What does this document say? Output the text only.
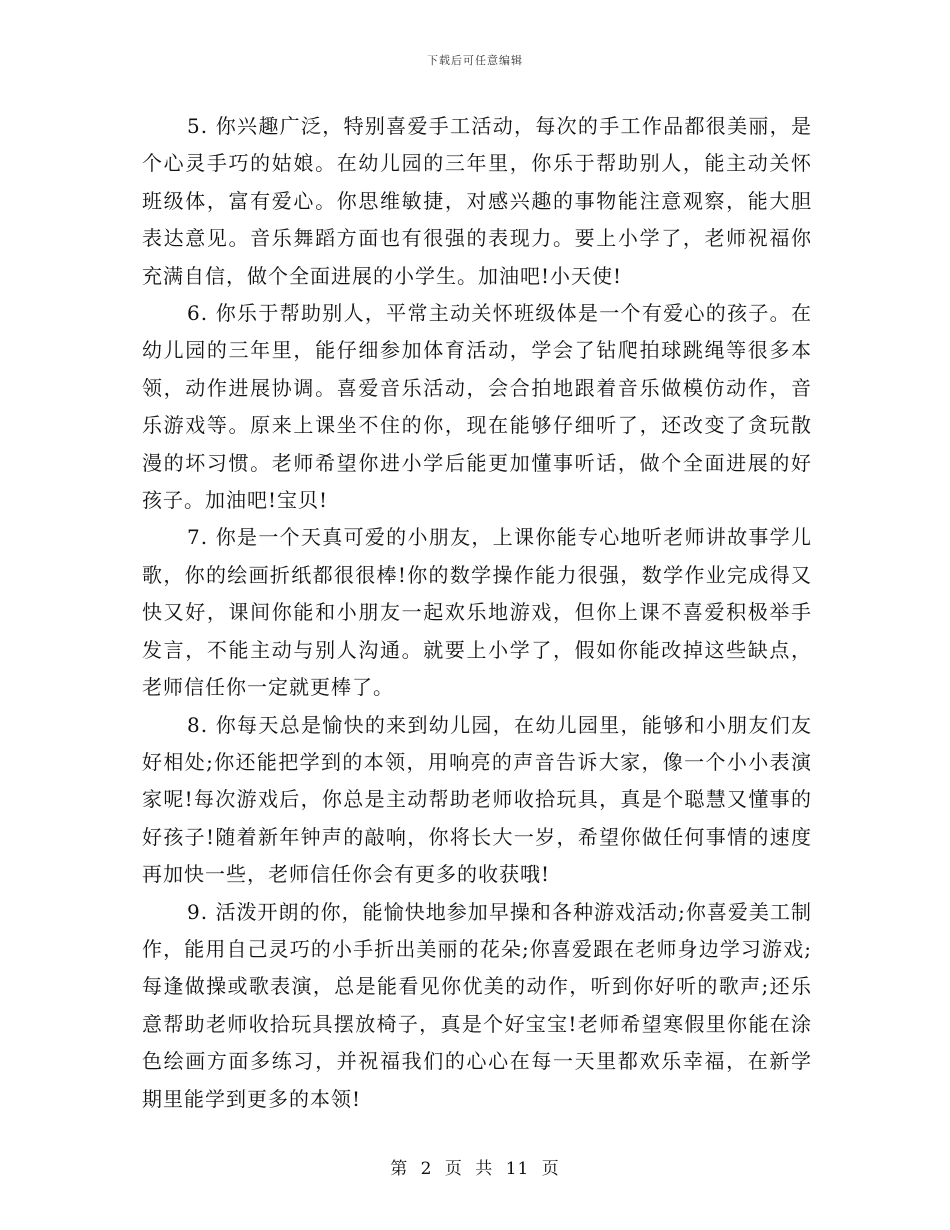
下载后可任意编辑

5. 你兴趣广泛，特别喜爱手工活动，每次的手工作品都很美丽，是个心灵手巧的姑娘。在幼儿园的三年里，你乐于帮助别人，能主动关怀班级体，富有爱心。你思维敏捷，对感兴趣的事物能注意观察，能大胆表达意见。音乐舞蹈方面也有很强的表现力。要上小学了，老师祝福你充满自信，做个全面进展的小学生。加油吧!小天使!

6. 你乐于帮助别人，平常主动关怀班级体是一个有爱心的孩子。在幼儿园的三年里，能仔细参加体育活动，学会了钻爬拍球跳绳等很多本领，动作进展协调。喜爱音乐活动，会合拍地跟着音乐做模仿动作，音乐游戏等。原来上课坐不住的你，现在能够仔细听了，还改变了贪玩散漫的坏习惯。老师希望你进小学后能更加懂事听话，做个全面进展的好孩子。加油吧!宝贝!

7. 你是一个天真可爱的小朋友，上课你能专心地听老师讲故事学儿歌，你的绘画折纸都很很棒!你的数学操作能力很强，数学作业完成得又快又好，课间你能和小朋友一起欢乐地游戏，但你上课不喜爱积极举手发言，不能主动与别人沟通。就要上小学了，假如你能改掉这些缺点，老师信任你一定就更棒了。

8. 你每天总是愉快的来到幼儿园，在幼儿园里，能够和小朋友们友好相处;你还能把学到的本领，用响亮的声音告诉大家，像一个小小表演家呢!每次游戏后，你总是主动帮助老师收拾玩具，真是个聪慧又懂事的好孩子!随着新年钟声的敲响，你将长大一岁，希望你做任何事情的速度再加快一些，老师信任你会有更多的收获哦!

9. 活泼开朗的你，能愉快地参加早操和各种游戏活动;你喜爱美工制作，能用自己灵巧的小手折出美丽的花朵;你喜爱跟在老师身边学习游戏;每逢做操或歌表演，总是能看见你优美的动作，听到你好听的歌声;还乐意帮助老师收拾玩具摆放椅子，真是个好宝宝!老师希望寒假里你能在涂色绘画方面多练习，并祝福我们的心心在每一天里都欢乐幸福，在新学期里能学到更多的本领!

第 2 页 共 11 页
